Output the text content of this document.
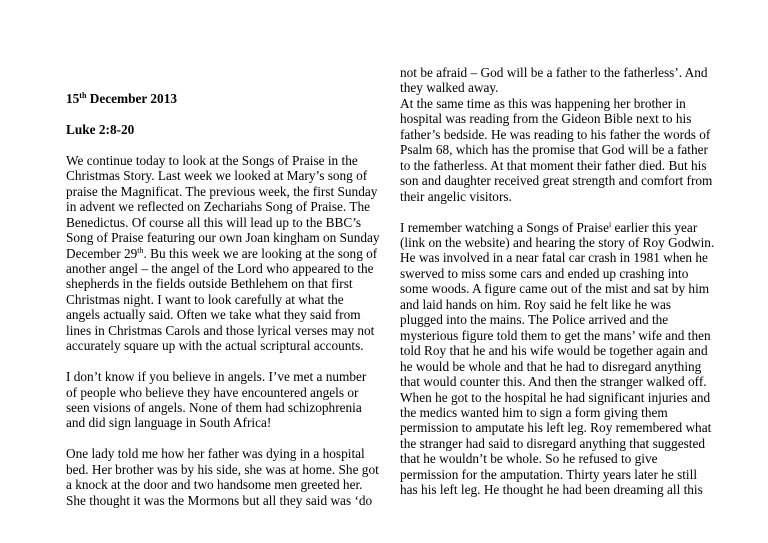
15th December 2013
Luke 2:8-20
We continue today to look at the Songs of Praise in the
Christmas Story. Last week we looked at Mary’s song of
praise the Magnificat. The previous week, the first Sunday
in advent we reflected on Zechariahs Song of Praise. The
Benedictus. Of course all this will lead up to the BBC’s
Song of Praise featuring our own Joan kingham on Sunday
December 29th. Bu this week we are looking at the song of
another angel – the angel of the Lord who appeared to the
shepherds in the fields outside Bethlehem on that first
Christmas night. I want to look carefully at what the
angels actually said. Often we take what they said from
lines in Christmas Carols and those lyrical verses may not
accurately square up with the actual scriptural accounts.
I don’t know if you believe in angels. I’ve met a number
of people who believe they have encountered angels or
seen visions of angels. None of them had schizophrenia
and did sign language in South Africa!
One lady told me how her father was dying in a hospital
bed. Her brother was by his side, she was at home. She got
a knock at the door and two handsome men greeted her.
She thought it was the Mormons but all they said was ‘do
not be afraid – God will be a father to the fatherless’. And
they walked away.
At the same time as this was happening her brother in
hospital was reading from the Gideon Bible next to his
father’s bedside. He was reading to his father the words of
Psalm 68, which has the promise that God will be a father
to the fatherless. At that moment their father died. But his
son and daughter received great strength and comfort from
their angelic visitors.
I remember watching a Songs of Praise$^i$ earlier this year
(link on the website) and hearing the story of Roy Godwin.
He was involved in a near fatal car crash in 1981 when he
swerved to miss some cars and ended up crashing into
some woods. A figure came out of the mist and sat by him
and laid hands on him. Roy said he felt like he was
plugged into the mains. The Police arrived and the
mysterious figure told them to get the mans’ wife and then
told Roy that he and his wife would be together again and
he would be whole and that he had to disregard anything
that would counter this. And then the stranger walked off.
When he got to the hospital he had significant injuries and
the medics wanted him to sign a form giving them
permission to amputate his left leg. Roy remembered what
the stranger had said to disregard anything that suggested
that he wouldn’t be whole. So he refused to give
permission for the amputation. Thirty years later he still
has his left leg. He thought he had been dreaming all this
